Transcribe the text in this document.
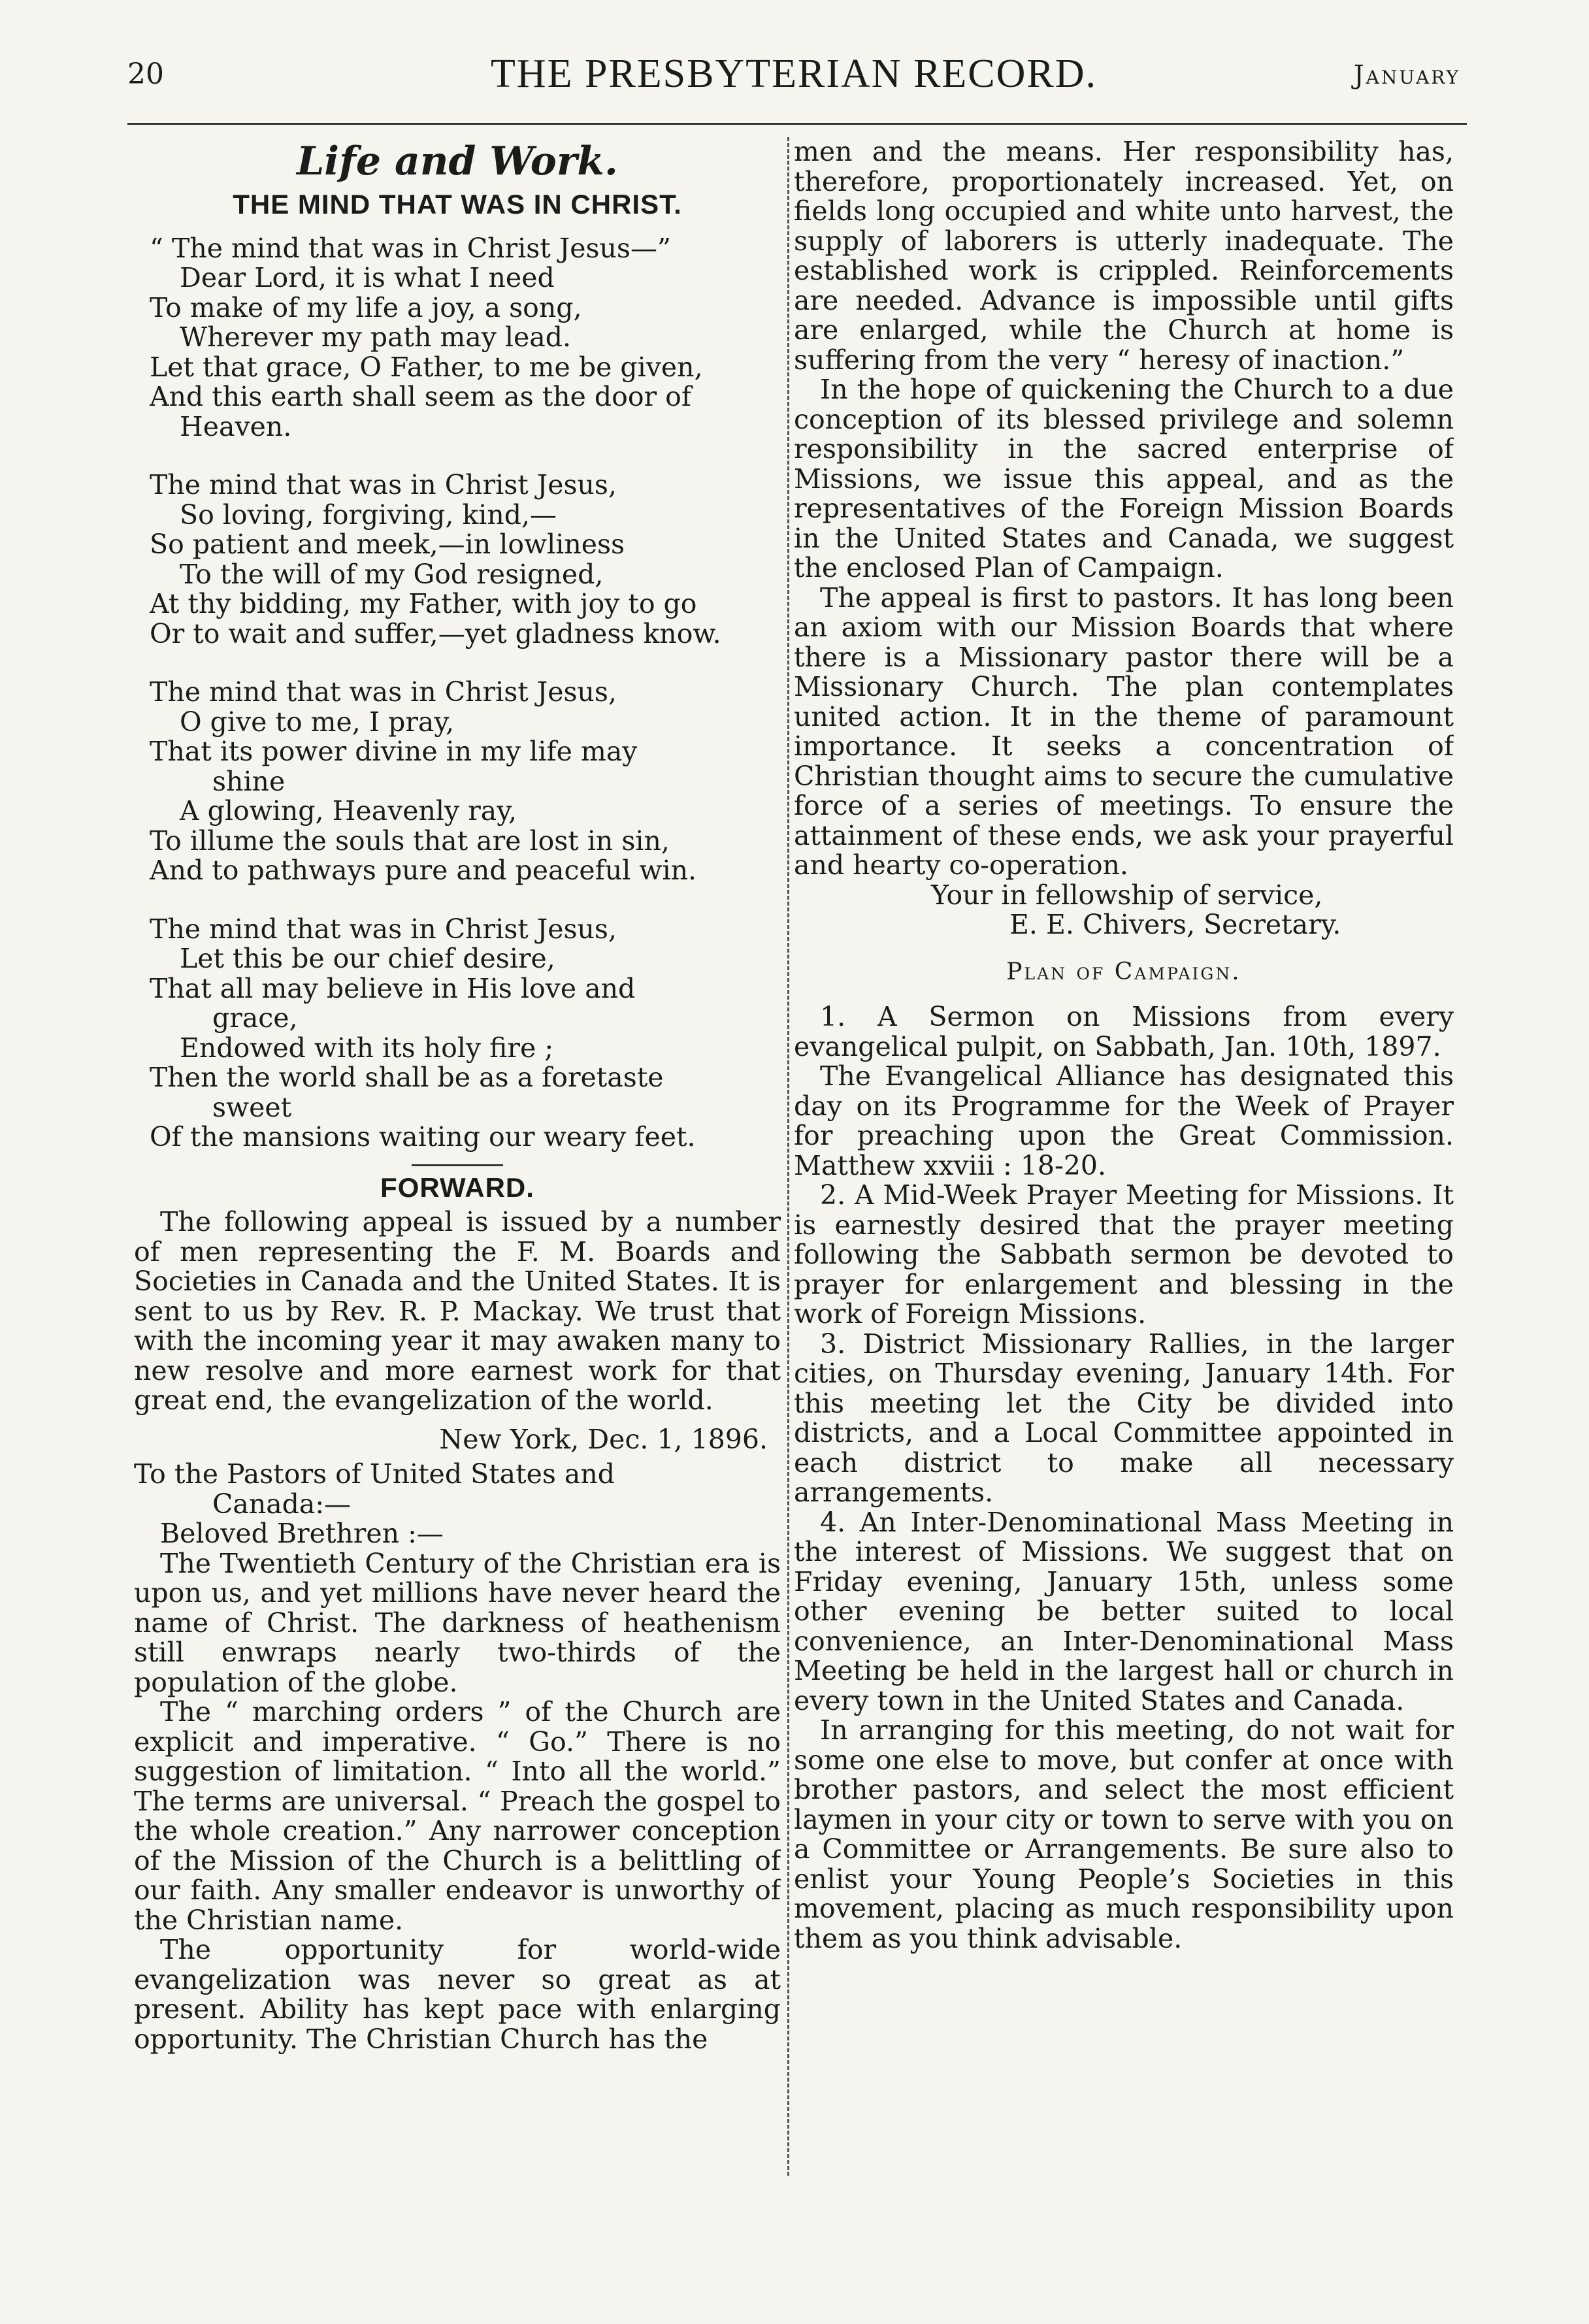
20	THE PRESBYTERIAN RECORD.	January
Life and Work.
THE MIND THAT WAS IN CHRIST.
“ The mind that was in Christ Jesus—”
Dear Lord, it is what I need
To make of my life a joy, a song,
Wherever my path may lead.
Let that grace, O Father, to me be given,
And this earth shall seem as the door of
Heaven.
The mind that was in Christ Jesus,
So loving, forgiving, kind,—
So patient and meek,—in lowliness
To the will of my God resigned,
At thy bidding, my Father, with joy to go
Or to wait and suffer,—yet gladness know.
The mind that was in Christ Jesus,
O give to me, I pray,
That its power divine in my life may
shine
A glowing, Heavenly ray,
To illume the souls that are lost in sin,
And to pathways pure and peaceful win.
The mind that was in Christ Jesus,
Let this be our chief desire,
That all may believe in His love and
grace,
Endowed with its holy fire ;
Then the world shall be as a foretaste
sweet
Of the mansions waiting our weary feet.
FORWARD.

The following appeal is issued by a number of men representing the F. M. Boards and Societies in Canada and the United States. It is sent to us by Rev. R. P. Mackay. We trust that with the incoming year it may awaken many to new resolve and more earnest work for that great end, the evangelization of the world.

New York, Dec. 1, 1896.
To the Pastors of United States and
Canada:—
Beloved Brethren :—

The Twentieth Century of the Christian era is upon us, and yet millions have never heard the name of Christ. The darkness of heathenism still enwraps nearly two-thirds of the population of the globe.

The “ marching orders ” of the Church are explicit and imperative. “ Go.” There is no suggestion of limitation. “ Into all the world.” The terms are universal. “ Preach the gospel to the whole creation.” Any narrower conception of the Mission of the Church is a belittling of our faith. Any smaller endeavor is unworthy of the Christian name.

The opportunity for world-wide evangelization was never so great as at present. Ability has kept pace with enlarging opportunity. The Christian Church has the

men and the means. Her responsibility has, therefore, proportionately increased. Yet, on fields long occupied and white unto harvest, the supply of laborers is utterly inadequate. The established work is crippled. Reinforcements are needed. Advance is impossible until gifts are enlarged, while the Church at home is suffering from the very “ heresy of inaction.”

In the hope of quickening the Church to a due conception of its blessed privilege and solemn responsibility in the sacred enterprise of Missions, we issue this appeal, and as the representatives of the Foreign Mission Boards in the United States and Canada, we suggest the enclosed Plan of Campaign.

The appeal is first to pastors. It has long been an axiom with our Mission Boards that where there is a Missionary pastor there will be a Missionary Church. The plan contemplates united action. It in the theme of paramount importance. It seeks a concentration of Christian thought aims to secure the cumulative force of a series of meetings. To ensure the attainment of these ends, we ask your prayerful and hearty co-operation.

Your in fellowship of service,
E. E. Chivers, Secretary.
Plan of Campaign.

1. A Sermon on Missions from every evangelical pulpit, on Sabbath, Jan. 10th, 1897.

The Evangelical Alliance has designated this day on its Programme for the Week of Prayer for preaching upon the Great Commission. Matthew xxviii : 18-20.

2. A Mid-Week Prayer Meeting for Missions. It is earnestly desired that the prayer meeting following the Sabbath sermon be devoted to prayer for enlargement and blessing in the work of Foreign Missions.

3. District Missionary Rallies, in the larger cities, on Thursday evening, January 14th. For this meeting let the City be divided into districts, and a Local Committee appointed in each district to make all necessary arrangements.

4. An Inter-Denominational Mass Meeting in the interest of Missions. We suggest that on Friday evening, January 15th, unless some other evening be better suited to local convenience, an Inter-Denominational Mass Meeting be held in the largest hall or church in every town in the United States and Canada.

In arranging for this meeting, do not wait for some one else to move, but confer at once with brother pastors, and select the most efficient laymen in your city or town to serve with you on a Committee or Arrangements. Be sure also to enlist your Young People’s Societies in this movement, placing as much responsibility upon them as you think advisable.
